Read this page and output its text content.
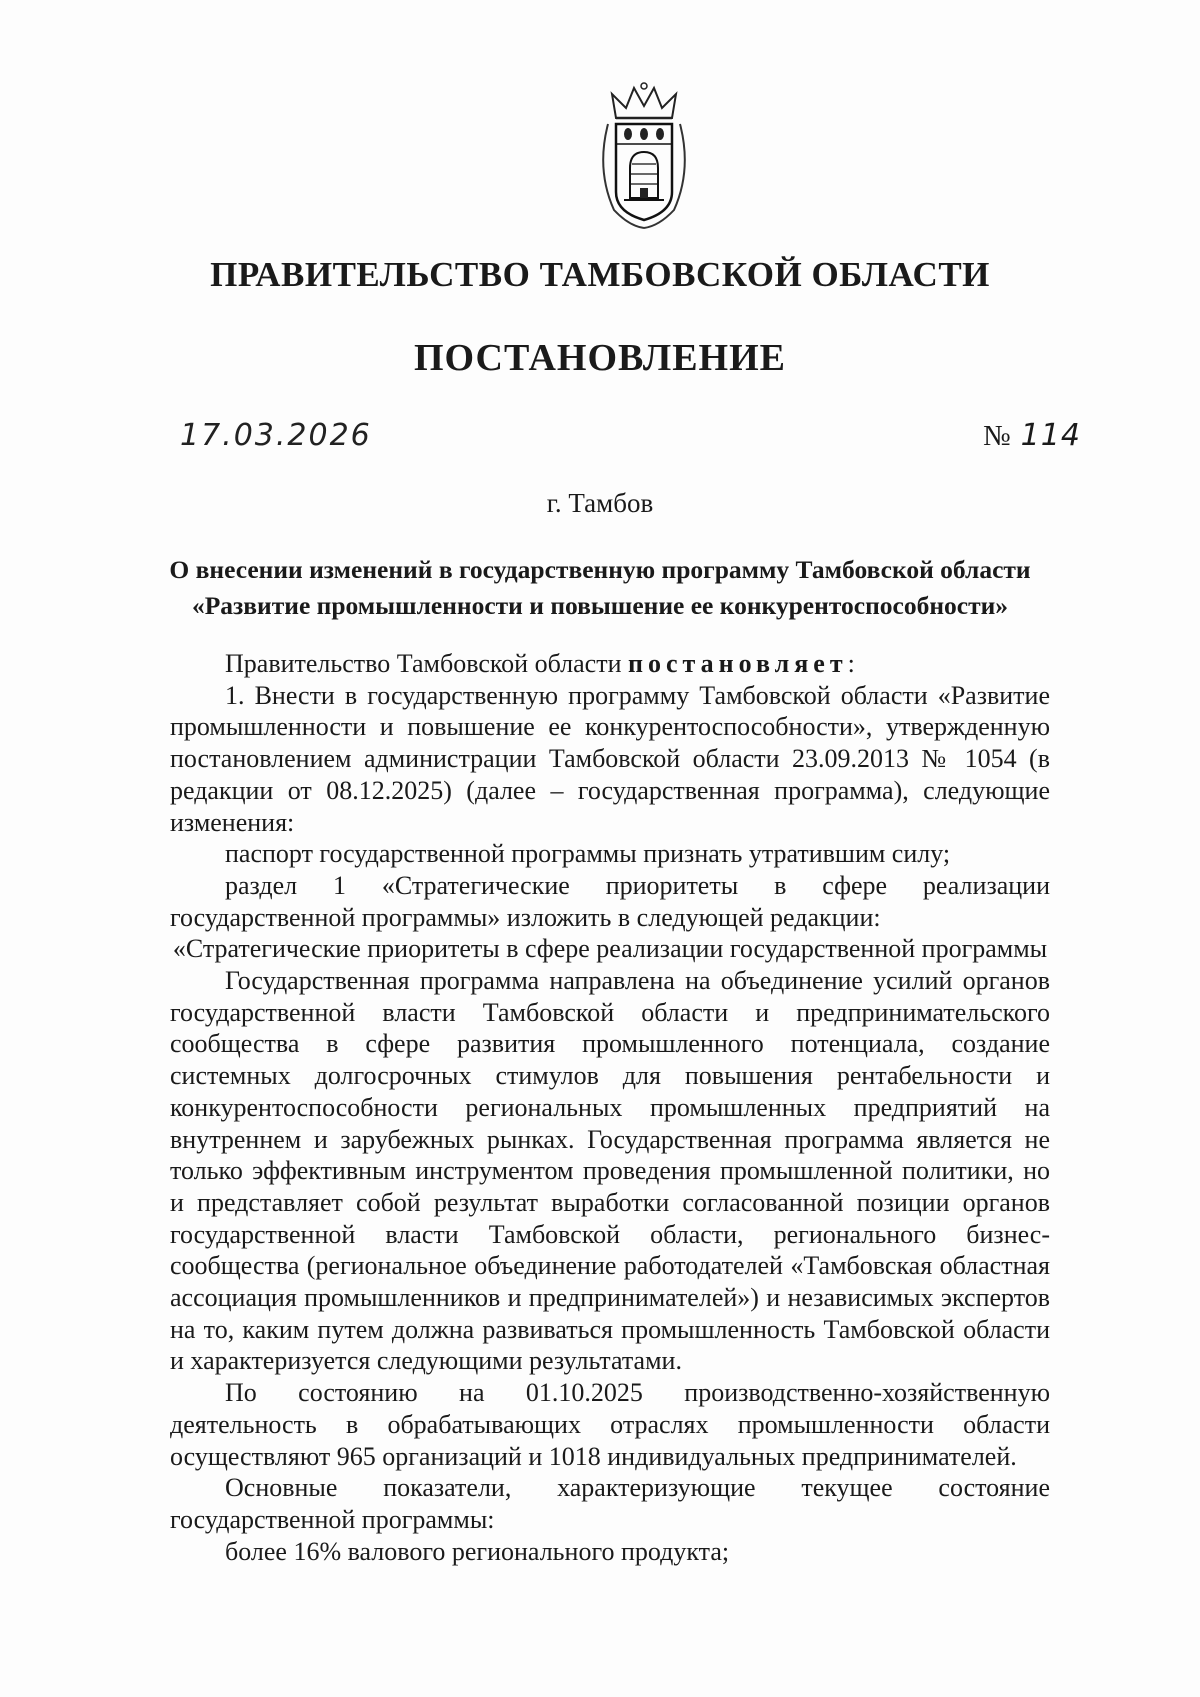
ПРАВИТЕЛЬСТВО ТАМБОВСКОЙ ОБЛАСТИ
ПОСТАНОВЛЕНИЕ
17.03.2026	№ 114
г. Тамбов
О внесении изменений в государственную программу Тамбовской области
«Развитие промышленности и повышение ее конкурентоспособности»

Правительство Тамбовской области постановляет:

1. Внести в государственную программу Тамбовской области «Развитие промышленности и повышение ее конкурентоспособности», утвержденную постановлением администрации Тамбовской области 23.09.2013 № 1054 (в редакции от 08.12.2025) (далее – государственная программа), следующие изменения:

паспорт государственной программы признать утратившим силу;

раздел 1 «Стратегические приоритеты в сфере реализации государственной программы» изложить в следующей редакции:

«Стратегические приоритеты в сфере реализации государственной программы

Государственная программа направлена на объединение усилий органов государственной власти Тамбовской области и предпринимательского сообщества в сфере развития промышленного потенциала, создание системных долгосрочных стимулов для повышения рентабельности и конкурентоспособности региональных промышленных предприятий на внутреннем и зарубежных рынках. Государственная программа является не только эффективным инструментом проведения промышленной политики, но и представляет собой результат выработки согласованной позиции органов государственной власти Тамбовской области, регионального бизнес-сообщества (региональное объединение работодателей «Тамбовская областная ассоциация промышленников и предпринимателей») и независимых экспертов на то, каким путем должна развиваться промышленность Тамбовской области и характеризуется следующими результатами.

По состоянию на 01.10.2025 производственно-хозяйственную деятельность в обрабатывающих отраслях промышленности области осуществляют 965 организаций и 1018 индивидуальных предпринимателей.

Основные показатели, характеризующие текущее состояние государственной программы:

более 16% валового регионального продукта;
